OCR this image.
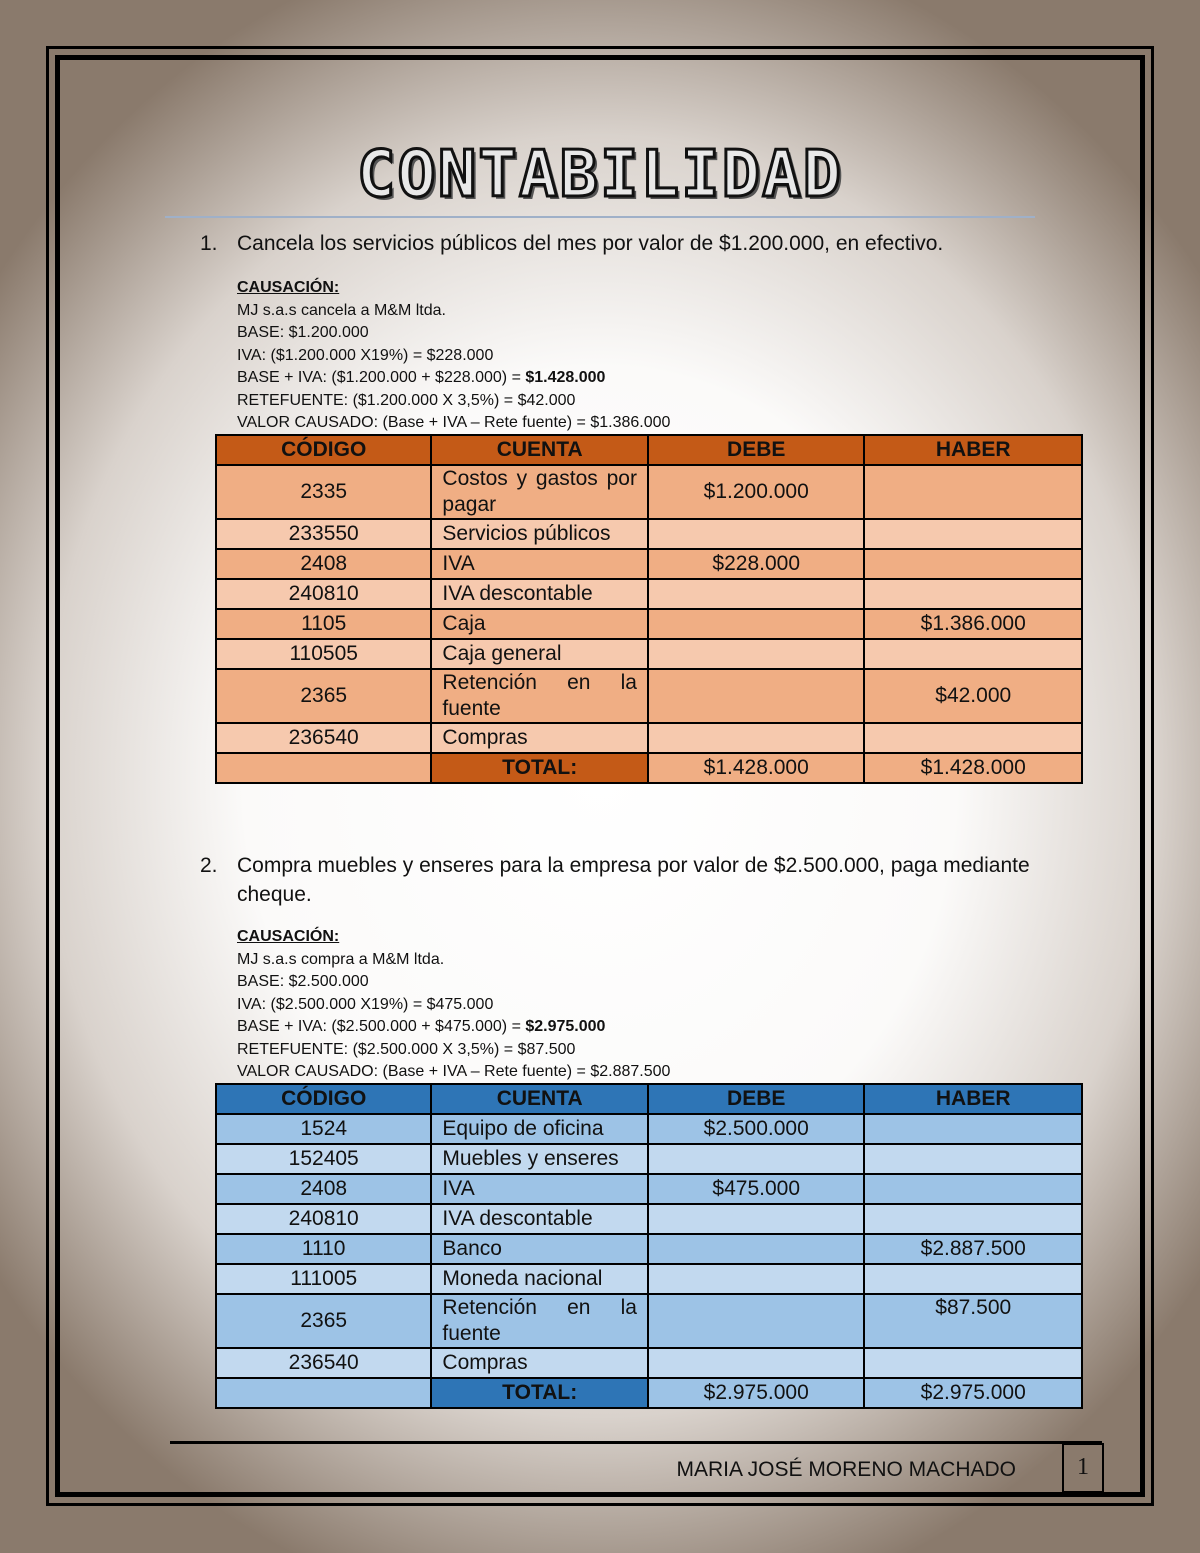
CONTABILIDAD
1. Cancela los servicios públicos del mes por valor de $1.200.000, en efectivo.
CAUSACIÓN:
MJ s.a.s cancela a M&M ltda.
BASE: $1.200.000
IVA: ($1.200.000 X19%) = $228.000
BASE + IVA: ($1.200.000 + $228.000) = $1.428.000
RETEFUENTE: ($1.200.000 X 3,5%) = $42.000
VALOR CAUSADO: (Base + IVA – Rete fuente) = $1.386.000
CÓDIGO	CUENTA	DEBE	HABER
2335	Costos y gastos por pagar	$1.200.000	
233550	Servicios públicos		
2408	IVA	$228.000	
240810	IVA descontable		
1105	Caja		$1.386.000
110505	Caja general		
2365	Retención en la fuente		$42.000
236540	Compras		
	TOTAL:	$1.428.000	$1.428.000
2. Compra muebles y enseres para la empresa por valor de $2.500.000, paga mediante cheque.
CAUSACIÓN:
MJ s.a.s compra a M&M ltda.
BASE: $2.500.000
IVA: ($2.500.000 X19%) = $475.000
BASE + IVA: ($2.500.000 + $475.000) = $2.975.000
RETEFUENTE: ($2.500.000 X 3,5%) = $87.500
VALOR CAUSADO: (Base + IVA – Rete fuente) = $2.887.500
CÓDIGO	CUENTA	DEBE	HABER
1524	Equipo de oficina	$2.500.000	
152405	Muebles y enseres		
2408	IVA	$475.000	
240810	IVA descontable		
1110	Banco		$2.887.500
111005	Moneda nacional		
2365	Retención en la fuente		$87.500
236540	Compras		
	TOTAL:	$2.975.000	$2.975.000
MARIA JOSÉ MORENO MACHADO	1
